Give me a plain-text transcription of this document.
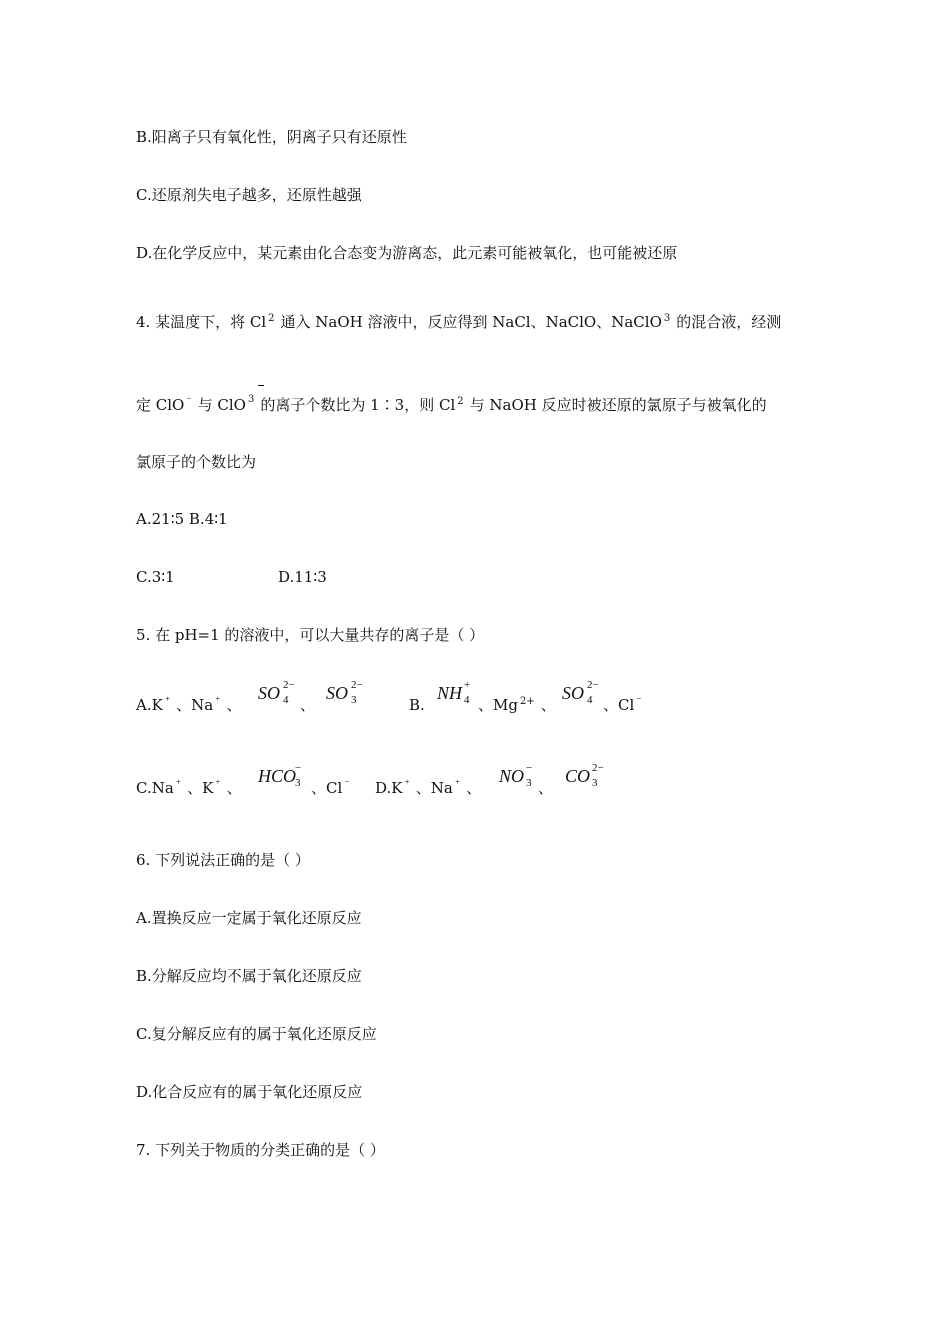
B.阳离子只有氧化性，阴离子只有还原性
C.还原剂失电子越多，还原性越强
D.在化学反应中，某元素由化合态变为游离态，此元素可能被氧化，也可能被还原
4. 某温度下，将 Cl $^2$ 通入 NaOH 溶液中，反应得到 NaCl、NaClO、NaClO $^3$ 的混合液，经测
定 ClO ⁻ 与 ClO $^3$ 的离子个数比为 1∶3，则 Cl $^2$ 与 NaOH 反应时被还原的氯原子与被氧化的
氯原子的个数比为
A.21∶5 B.4∶1
C.3∶1	D.11∶3
5. 在 pH=1 的溶液中，可以大量共存的离子是（ ）
A.K ⁺ 、Na ⁺ 、
SO 4
2−
、
SO 3
2−
B.
NH 4
+
、Mg $^{2+}$ 、
SO 4
2−
、Cl ⁻
C.Na ⁺ 、K ⁺ 、
HCO
3
−
、Cl ⁻	D.K ⁺ 、Na ⁺ 、
NO 3
−
、
CO 3
2−
6. 下列说法正确的是（ ）
A.置换反应一定属于氧化还原反应
B.分解反应均不属于氧化还原反应
C.复分解反应有的属于氧化还原反应
D.化合反应有的属于氧化还原反应
7. 下列关于物质的分类正确的是（ ）
